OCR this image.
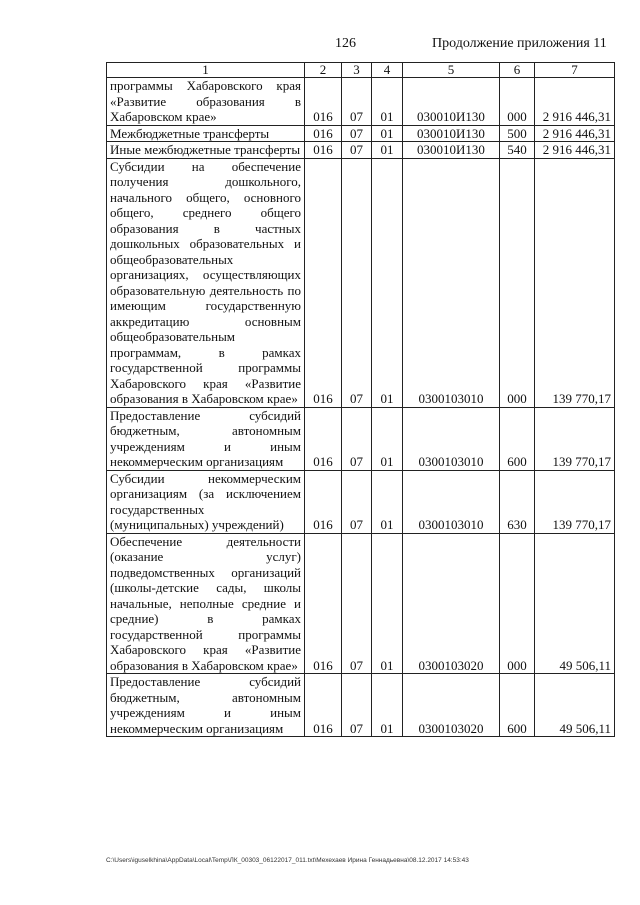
126	Продолжение приложения 11
1	2	3	4	5	6	7
программы Хабаровского края «Развитие образования в Хабаровском крае»	016	07	01	030010И130	000	2 916 446,31
Межбюджетные трансферты	016	07	01	030010И130	500	2 916 446,31
Иные межбюджетные трансферты	016	07	01	030010И130	540	2 916 446,31
Субсидии на обеспечение получения дошкольного, начального общего, основного общего, среднего общего образования в частных дошкольных образовательных и общеобразовательных организациях, осуществляющих образовательную деятельность по имеющим государственную аккредитацию основным общеобразовательным программам, в рамках государственной программы Хабаровского края «Развитие образования в Хабаровском крае»	016	07	01	0300103010	000	139 770,17
Предоставление субсидий бюджетным, автономным учреждениям и иным некоммерческим организациям	016	07	01	0300103010	600	139 770,17
Субсидии некоммерческим организациям (за исключением государственных (муниципальных) учреждений)	016	07	01	0300103010	630	139 770,17
Обеспечение деятельности (оказание услуг) подведомственных организаций (школы-детские сады, школы начальные, неполные средние и средние) в рамках государственной программы Хабаровского края «Развитие образования в Хабаровском крае»	016	07	01	0300103020	000	49 506,11
Предоставление субсидий бюджетным, автономным учреждениям и иным некоммерческим организациям	016	07	01	0300103020	600	49 506,11
C:\Users\iguselkhina\AppData\Local\Temp\ЛК_00303_06122017_011.txt\Мехехаев Ирина Геннадьевна\08.12.2017 14:53:43
